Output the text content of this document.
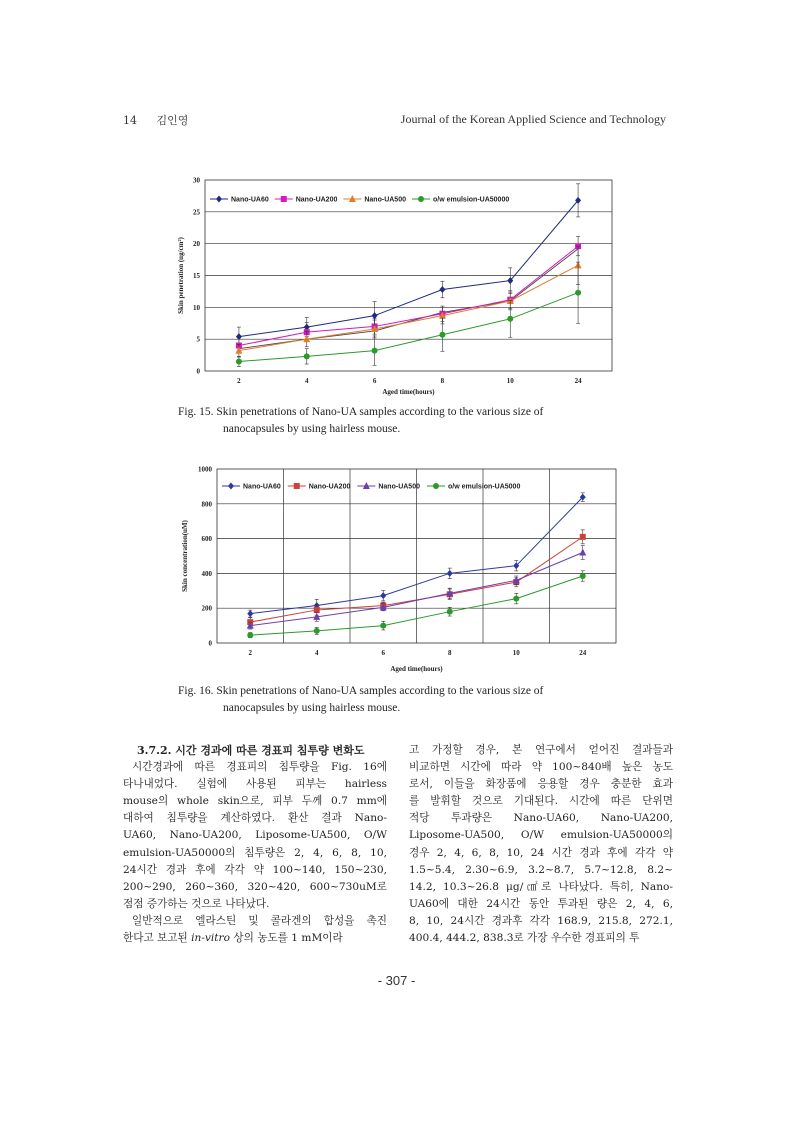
14 김인영	Journal of the Korean Applied Science and Technology
0
5
10
15
20
25
30
2	4	6	8	10	24
Aged time(hours)
Skin penetration (ug/cm²)
Nano-UA60	Nano-UA200	Nano-UA500	o/w emulsion-UA50000
Fig. 15. Skin penetrations of Nano-UA samples according to the various size of
nanocapsules by using hairless mouse.
0
200
400
600
800
1000
2	4	6	8	10	24
Aged time(hours)
Skin concentration(uM)
Nano-UA60	Nano-UA200	Nano-UA500	o/w emulsion-UA5000
Fig. 16. Skin penetrations of Nano-UA samples according to the various size of
nanocapsules by using hairless mouse.
3.7.2. 시간 경과에 따른 경표피 침투량 변화도
시간경과에 따른 경표피의 침투량을 Fig. 16에
타나내었다. 실험에 사용된 피부는 hairless
mouse의 whole skin으로, 피부 두께 0.7 mm에
대하여 침투량을 계산하였다. 환산 결과 Nano-
UA60, Nano-UA200, Liposome-UA500, O/W
emulsion-UA50000의 침투량은 2, 4, 6, 8, 10,
24시간 경과 후에 각각 약 100~140, 150~230,
200~290, 260~360, 320~420, 600~730uM로
점점 증가하는 것으로 나타났다.
일반적으로 엘라스틴 및 콜라겐의 합성을 촉진
한다고 보고된 in-vitro 상의 농도를 1 mM이라
고 가정할 경우, 본 연구에서 얻어진 결과들과
비교하면 시간에 따라 약 100~840배 높은 농도
로서, 이들을 화장품에 응용할 경우 충분한 효과
를 발휘할 것으로 기대된다. 시간에 따른 단위면
적당 투과량은 Nano-UA60, Nano-UA200,
Liposome-UA500, O/W emulsion-UA50000의
경우 2, 4, 6, 8, 10, 24 시간 경과 후에 각각 약
1.5~5.4, 2.30~6.9, 3.2~8.7, 5.7~12.8, 8.2~
14.2, 10.3~26.8 μg/㎠로 나타났다. 특히, Nano-
UA60에 대한 24시간 동안 투과된 량은 2, 4, 6,
8, 10, 24시간 경과후 각각 168.9, 215.8, 272.1,
400.4, 444.2, 838.3로 가장 우수한 경표피의 투
- 307 -
